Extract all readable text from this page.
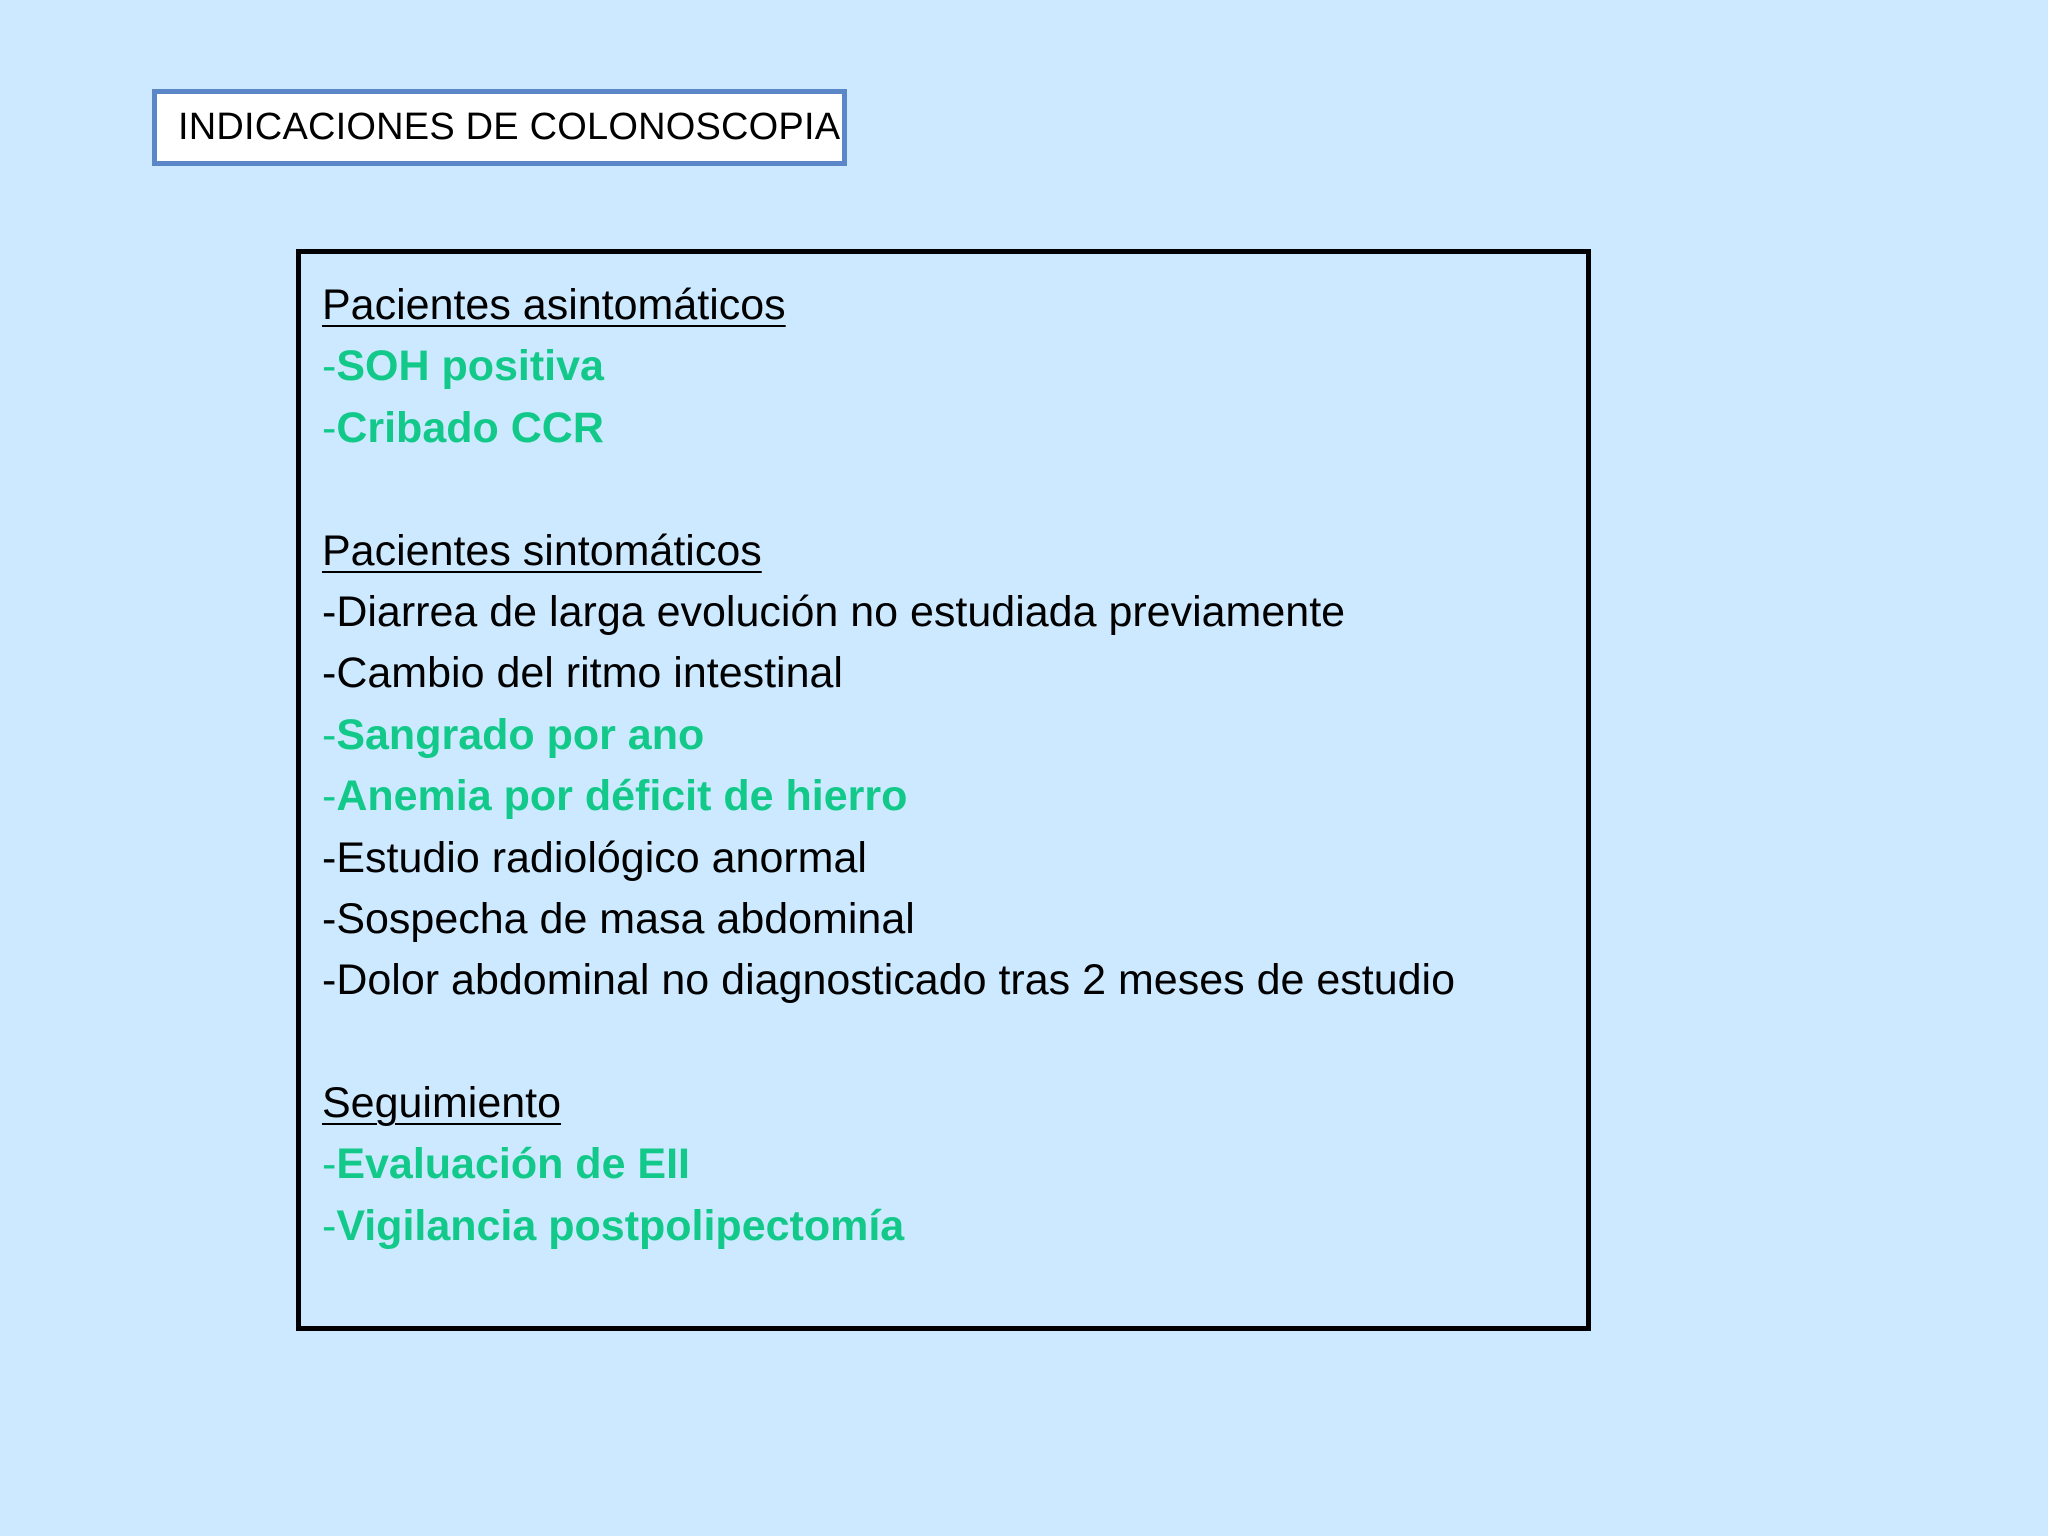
INDICACIONES DE COLONOSCOPIA
Pacientes asintomáticos
-SOH positiva
-Cribado CCR
Pacientes sintomáticos
-Diarrea de larga evolución no estudiada previamente
-Cambio del ritmo intestinal
-Sangrado por ano
-Anemia por déficit de hierro
-Estudio radiológico anormal
-Sospecha de masa abdominal
-Dolor abdominal no diagnosticado tras 2 meses de estudio
Seguimiento
-Evaluación de EII
-Vigilancia postpolipectomía
